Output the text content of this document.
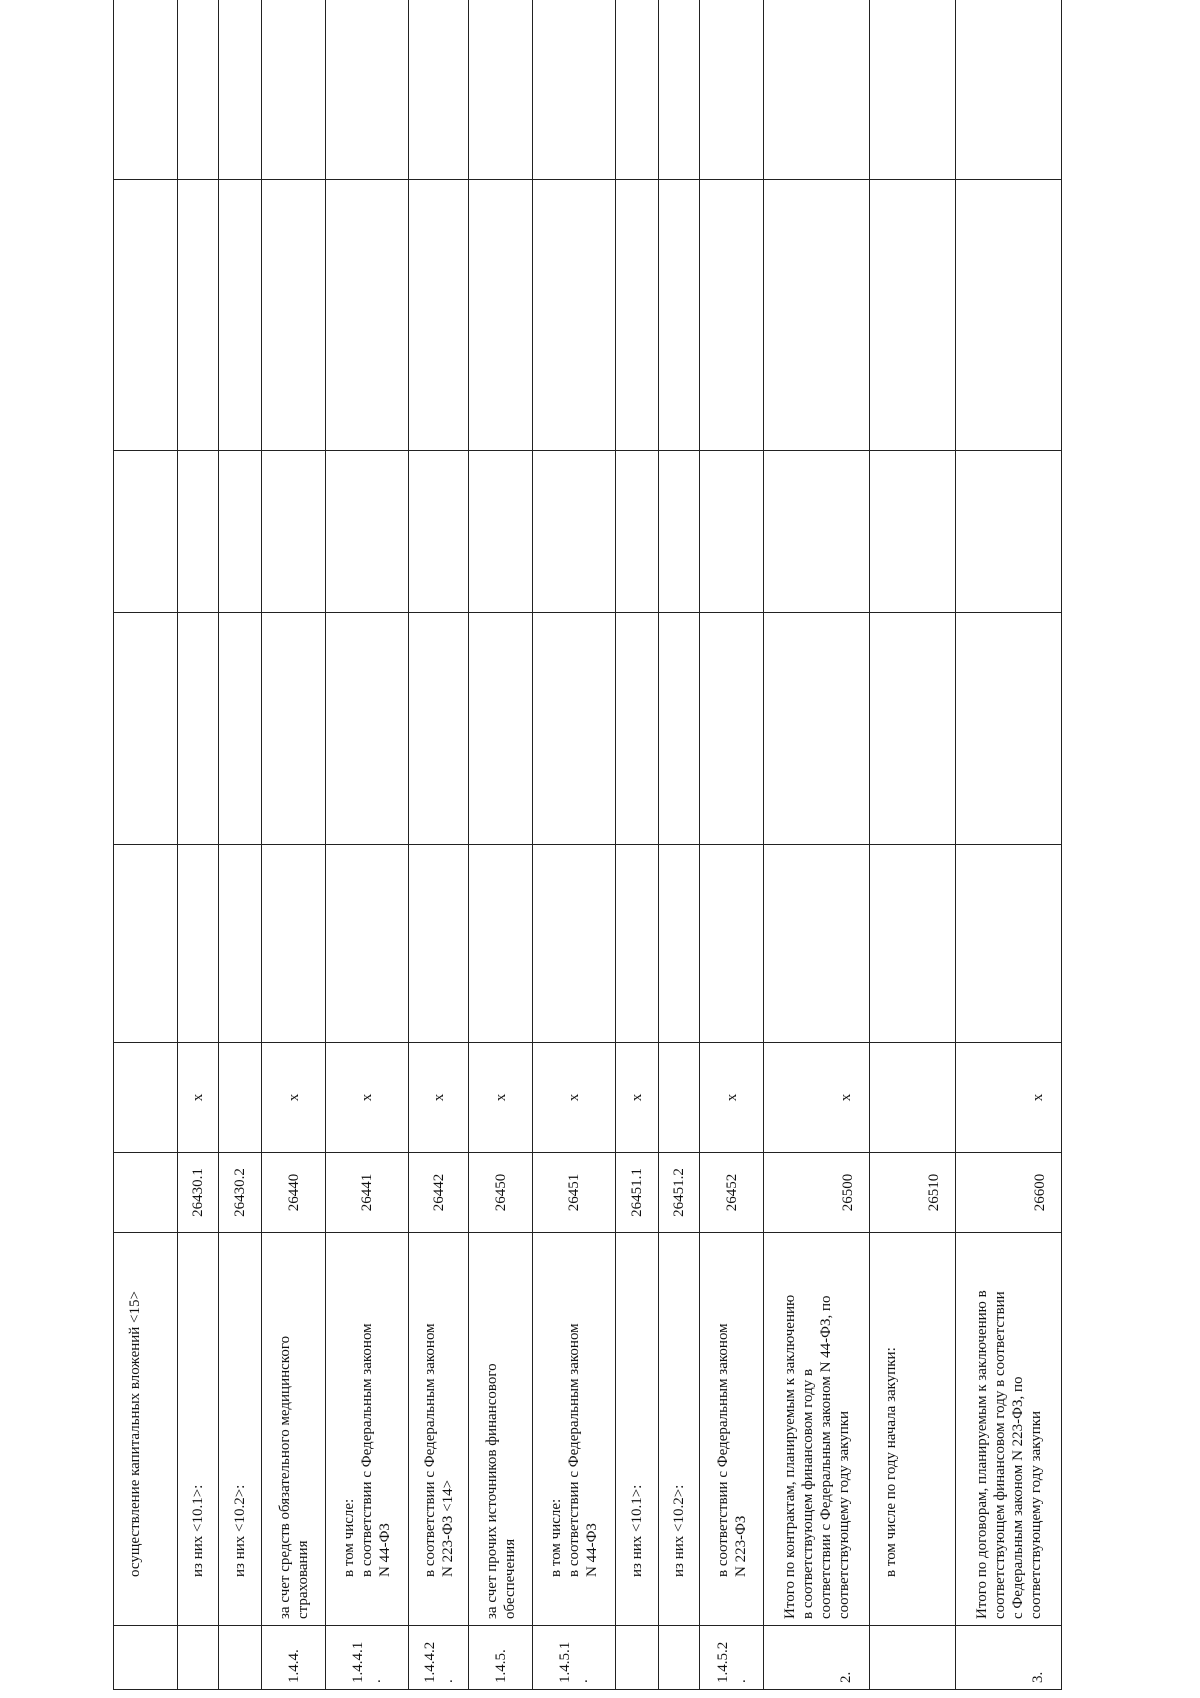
	осуществление капитальных вложений <15>								
	из них <10.1>:	26430.1	x						
	из них <10.2>:	26430.2							
1.4.4.	за счет средств обязательного медицинского
страхования	26440	x						
1.4.4.1
.	в том числе:
в соответствии с Федеральным законом
N 44-ФЗ	26441	x						
1.4.4.2
.	в соответствии с Федеральным законом
N 223-ФЗ <14>	26442	x						
1.4.5.	за счет прочих источников финансового
обеспечения	26450	x						
1.4.5.1
.	в том числе:
в соответствии с Федеральным законом
N 44-ФЗ	26451	x						
	из них <10.1>:	26451.1	x						
	из них <10.2>:	26451.2							
1.4.5.2
.	в соответствии с Федеральным законом
N 223-ФЗ	26452	x						
2.	Итого по контрактам, планируемым к заключению
в соответствующем финансовом году в
соответствии с Федеральным законом N 44-ФЗ, по
соответствующему году закупки	26500	x						
	в том числе по году начала закупки:	26510							
3.	Итого по договорам, планируемым к заключению в
соответствующем финансовом году в соответствии
с Федеральным законом N 223-ФЗ, по
соответствующему году закупки	26600	x						
